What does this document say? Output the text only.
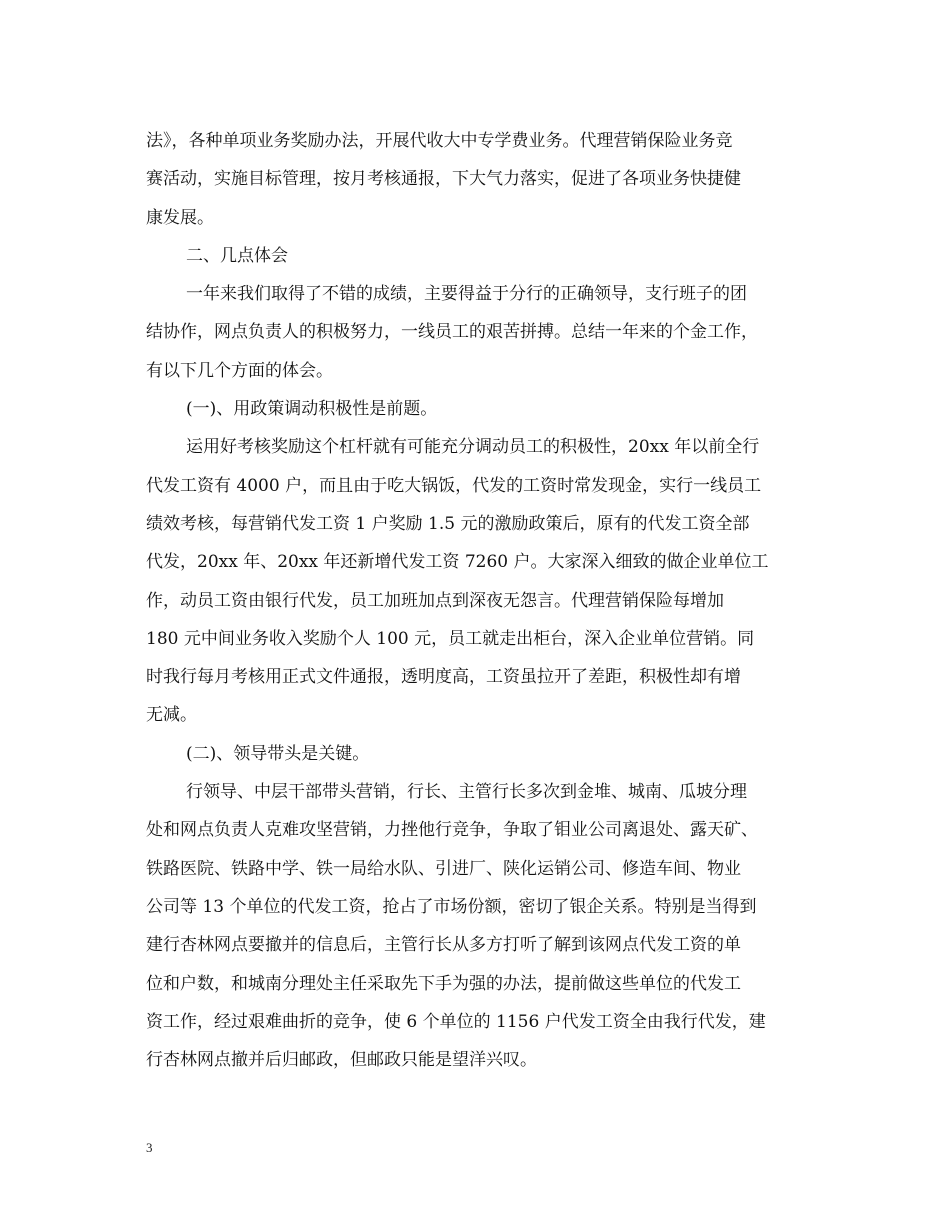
法》，各种单项业务奖励办法，开展代收大中专学费业务。代理营销保险业务竞
赛活动，实施目标管理，按月考核通报，下大气力落实，促进了各项业务快捷健
康发展。

二、几点体会

一年来我们取得了不错的成绩，主要得益于分行的正确领导，支行班子的团
结协作，网点负责人的积极努力，一线员工的艰苦拼搏。总结一年来的个金工作，
有以下几个方面的体会。

(一)、用政策调动积极性是前题。

运用好考核奖励这个杠杆就有可能充分调动员工的积极性，20xx 年以前全行
代发工资有 4000 户，而且由于吃大锅饭，代发的工资时常发现金，实行一线员工
绩效考核，每营销代发工资 1 户奖励 1.5 元的激励政策后，原有的代发工资全部
代发，20xx 年、20xx 年还新增代发工资 7260 户。大家深入细致的做企业单位工
作，动员工资由银行代发，员工加班加点到深夜无怨言。代理营销保险每增加
180 元中间业务收入奖励个人 100 元，员工就走出柜台，深入企业单位营销。同
时我行每月考核用正式文件通报，透明度高，工资虽拉开了差距，积极性却有增
无减。

(二)、领导带头是关键。

行领导、中层干部带头营销，行长、主管行长多次到金堆、城南、瓜坡分理
处和网点负责人克难攻坚营销，力挫他行竞争，争取了钼业公司离退处、露天矿、
铁路医院、铁路中学、铁一局给水队、引进厂、陕化运销公司、修造车间、物业
公司等 13 个单位的代发工资，抢占了市场份额，密切了银企关系。特别是当得到
建行杏林网点要撤并的信息后，主管行长从多方打听了解到该网点代发工资的单
位和户数，和城南分理处主任采取先下手为强的办法，提前做这些单位的代发工
资工作，经过艰难曲折的竞争，使 6 个单位的 1156 户代发工资全由我行代发，建
行杏林网点撤并后归邮政，但邮政只能是望洋兴叹。

3
